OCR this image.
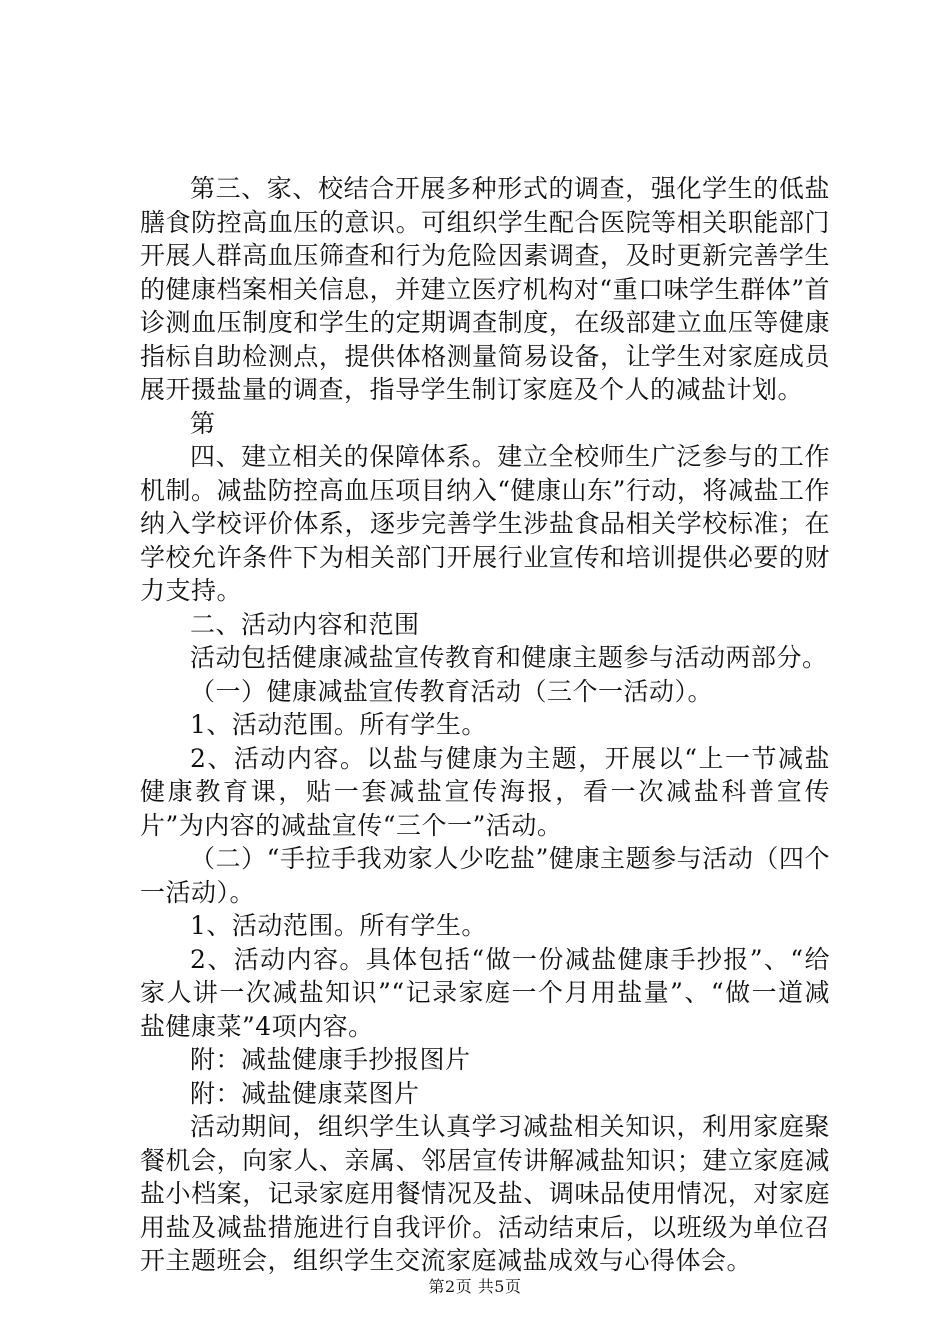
第三、家、校结合开展多种形式的调查，强化学生的低盐膳食防控高血压的意识。可组织学生配合医院等相关职能部门开展人群高血压筛查和行为危险因素调查，及时更新完善学生的健康档案相关信息，并建立医疗机构对“重口味学生群体”首诊测血压制度和学生的定期调查制度，在级部建立血压等健康指标自助检测点，提供体格测量简易设备，让学生对家庭成员展开摄盐量的调查，指导学生制订家庭及个人的减盐计划。

第

四、建立相关的保障体系。建立全校师生广泛参与的工作机制。减盐防控高血压项目纳入“健康山东”行动，将减盐工作纳入学校评价体系，逐步完善学生涉盐食品相关学校标准；在学校允许条件下为相关部门开展行业宣传和培训提供必要的财力支持。

二、活动内容和范围

活动包括健康减盐宣传教育和健康主题参与活动两部分。

（一）健康减盐宣传教育活动（三个一活动）。

1、活动范围。所有学生。

2、活动内容。以盐与健康为主题，开展以“上一节减盐健康教育课，贴一套减盐宣传海报，看一次减盐科普宣传片”为内容的减盐宣传“三个一”活动。

（二）“手拉手我劝家人少吃盐”健康主题参与活动（四个一活动）。

1、活动范围。所有学生。

2、活动内容。具体包括“做一份减盐健康手抄报”、“给家人讲一次减盐知识”“记录家庭一个月用盐量”、“做一道减盐健康菜”4项内容。

附：减盐健康手抄报图片

附：减盐健康菜图片

活动期间，组织学生认真学习减盐相关知识，利用家庭聚餐机会，向家人、亲属、邻居宣传讲解减盐知识；建立家庭减盐小档案，记录家庭用餐情况及盐、调味品使用情况，对家庭用盐及减盐措施进行自我评价。活动结束后，以班级为单位召开主题班会，组织学生交流家庭减盐成效与心得体会。

第2页 共5页
